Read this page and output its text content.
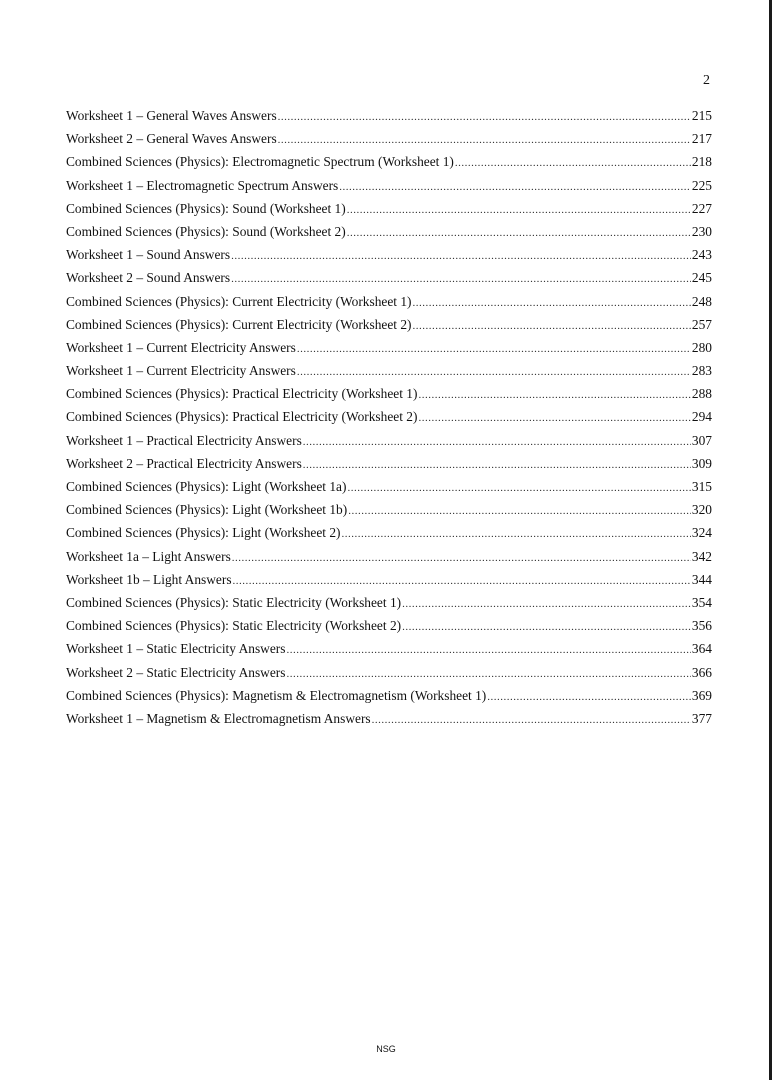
2
Worksheet 1 – General Waves Answers .....	215
Worksheet 2 – General Waves Answers .....	217
Combined Sciences (Physics): Electromagnetic Spectrum (Worksheet 1) .....	218
Worksheet 1 – Electromagnetic Spectrum Answers .....	225
Combined Sciences (Physics): Sound (Worksheet 1) .....	227
Combined Sciences (Physics): Sound (Worksheet 2) .....	230
Worksheet 1 – Sound Answers .....	243
Worksheet 2 – Sound Answers .....	245
Combined Sciences (Physics): Current Electricity (Worksheet 1) .....	248
Combined Sciences (Physics): Current Electricity (Worksheet 2) .....	257
Worksheet 1 – Current Electricity Answers .....	280
Worksheet 1 – Current Electricity Answers .....	283
Combined Sciences (Physics): Practical Electricity (Worksheet 1) .....	288
Combined Sciences (Physics): Practical Electricity (Worksheet 2) .....	294
Worksheet 1 – Practical Electricity Answers .....	307
Worksheet 2 – Practical Electricity Answers .....	309
Combined Sciences (Physics): Light (Worksheet 1a) .....	315
Combined Sciences (Physics): Light (Worksheet 1b) .....	320
Combined Sciences (Physics): Light (Worksheet 2) .....	324
Worksheet 1a – Light Answers .....	342
Worksheet 1b – Light Answers .....	344
Combined Sciences (Physics): Static Electricity (Worksheet 1) .....	354
Combined Sciences (Physics): Static Electricity (Worksheet 2) .....	356
Worksheet 1 – Static Electricity Answers .....	364
Worksheet 2 – Static Electricity Answers .....	366
Combined Sciences (Physics): Magnetism & Electromagnetism (Worksheet 1) .....	369
Worksheet 1 – Magnetism & Electromagnetism Answers .....	377
NSG
